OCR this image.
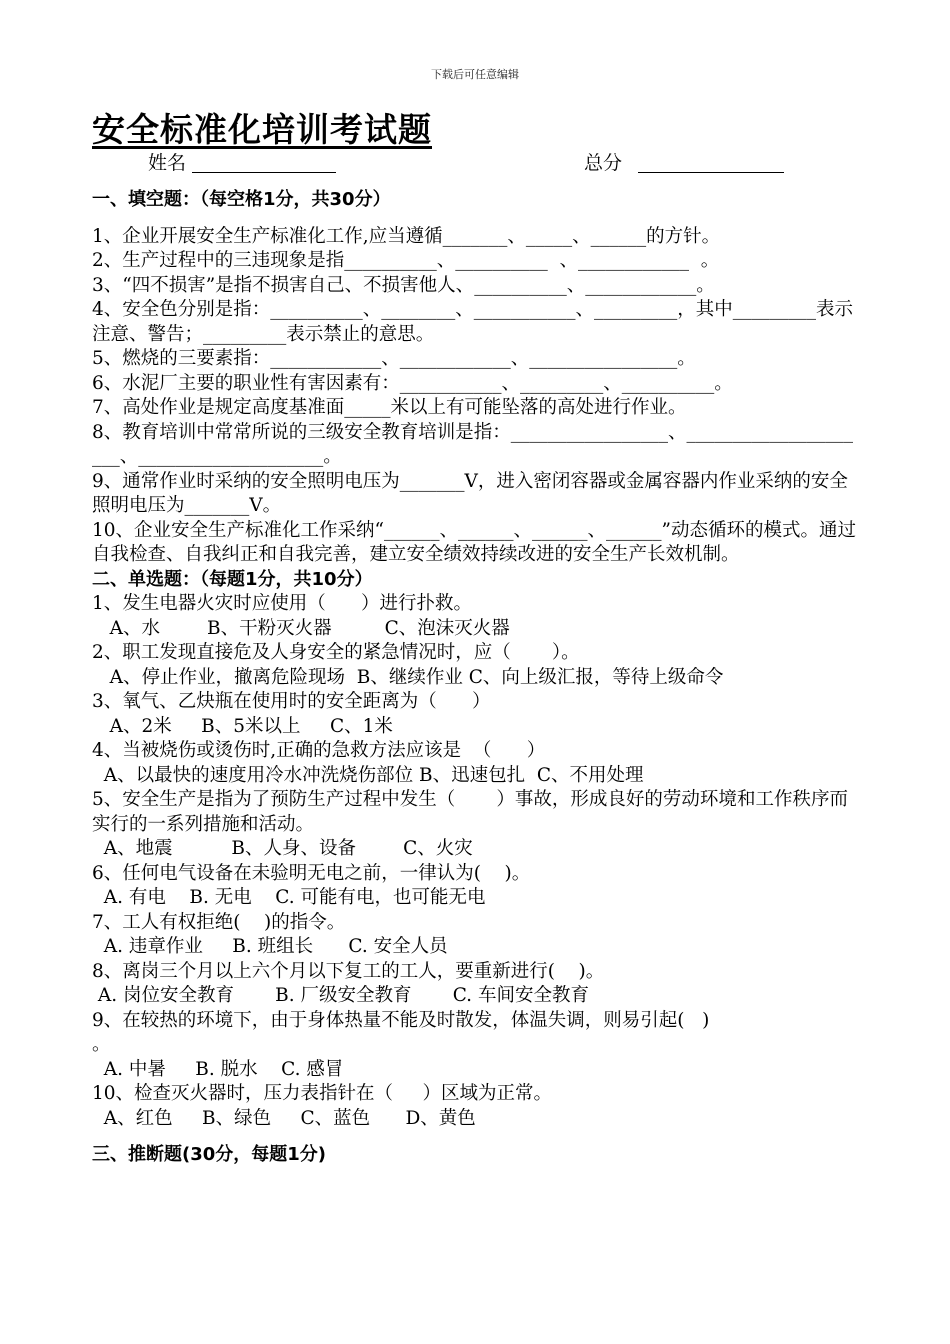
下载后可任意编辑
安全标准化培训考试题
姓名	总分
一、填空题：（每空格1分，共30分）
1、企业开展安全生产标准化工作,应当遵循_______、_____、______的方针。
2、生产过程中的三违现象是指__________、__________  、____________  。
3、“四不损害”是指不损害自己、不损害他人、__________、____________。
4、安全色分别是指：__________、________、___________、_________，其中_________表示注意、警告；_________表示禁止的意思。
5、燃烧的三要素指：____________、____________、________________。
6、水泥厂主要的职业性有害因素有：___________、_________、__________。
7、高处作业是规定高度基准面_____米以上有可能坠落的高处进行作业。
8、教育培训中常常所说的三级安全教育培训是指：_________________、_____________________、____________________。
9、通常作业时采纳的安全照明电压为_______V，进入密闭容器或金属容器内作业采纳的安全照明电压为_______V。
10、企业安全生产标准化工作采纳“______、______、______、______”动态循环的模式。通过自我检查、自我纠正和自我完善，建立安全绩效持续改进的安全生产长效机制。
二、单选题：（每题1分，共10分）
1、发生电器火灾时应使用（      ）进行扑救。
A、水        B、干粉灭火器         C、泡沫灭火器
2、职工发现直接危及人身安全的紧急情况时，应（       ）。
A、停止作业，撤离危险现场  B、继续作业 C、向上级汇报，等待上级命令
3、氧气、乙炔瓶在使用时的安全距离为（      ）
A、2米     B、5米以上     C、1米
4、当被烧伤或烫伤时,正确的急救方法应该是  （      ）
A、以最快的速度用冷水冲洗烧伤部位 B、迅速包扎  C、不用处理
5、安全生产是指为了预防生产过程中发生（       ）事故，形成良好的劳动环境和工作秩序而实行的一系列措施和活动。
A、地震          B、人身、设备        C、火灾
6、任何电气设备在未验明无电之前，一律认为(    )。
A. 有电    B. 无电    C. 可能有电，也可能无电
7、工人有权拒绝(    )的指令。
A. 违章作业     B. 班组长      C. 安全人员
8、离岗三个月以上六个月以下复工的工人，要重新进行(    )。
A. 岗位安全教育       B. 厂级安全教育       C. 车间安全教育
9、在较热的环境下，由于身体热量不能及时散发，体温失调，则易引起(   ) 。
A. 中暑     B. 脱水    C. 感冒
10、检查灭火器时，压力表指针在（     ）区域为正常。
A、红色     B、绿色     C、蓝色      D、黄色
三、推断题(30分，每题1分)
